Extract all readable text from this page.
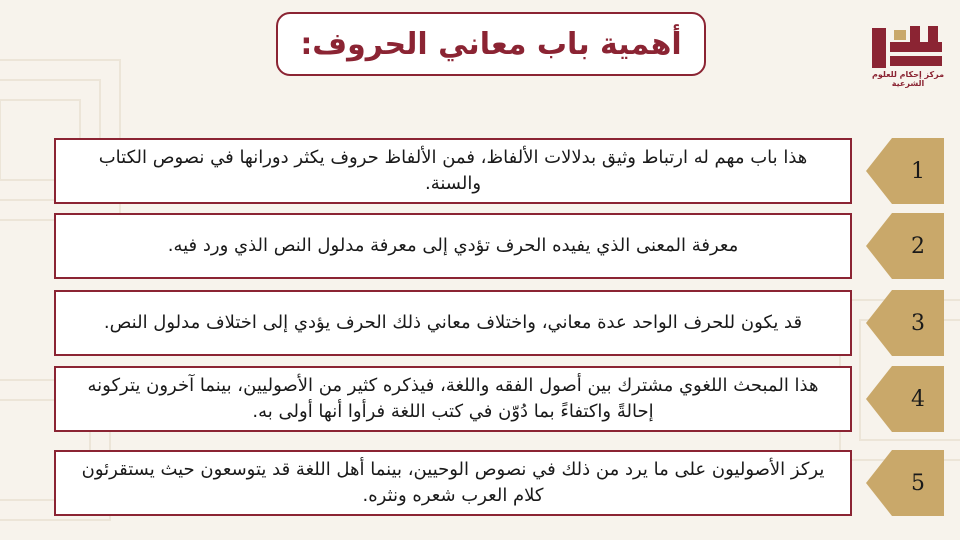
أهمية باب معاني الحروف:
مركز إحكام للعلوم الشرعية
هذا باب مهم له ارتباط وثيق بدلالات الألفاظ، فمن الألفاظ حروف يكثر دورانها في نصوص الكتاب والسنة.	1
معرفة المعنى الذي يفيده الحرف تؤدي إلى معرفة مدلول النص الذي ورد فيه.	2
قد يكون للحرف الواحد عدة معاني، واختلاف معاني ذلك الحرف يؤدي إلى اختلاف مدلول النص.	3
هذا المبحث اللغوي مشترك بين أصول الفقه واللغة، فيذكره كثير من الأصوليين، بينما آخرون يتركونه إحالةً واكتفاءً بما دُوّن في كتب اللغة فرأوا أنها أولى به.	4
يركز الأصوليون على ما يرد من ذلك في نصوص الوحيين، بينما أهل اللغة قد يتوسعون حيث يستقرئون كلام العرب شعره ونثره.	5
